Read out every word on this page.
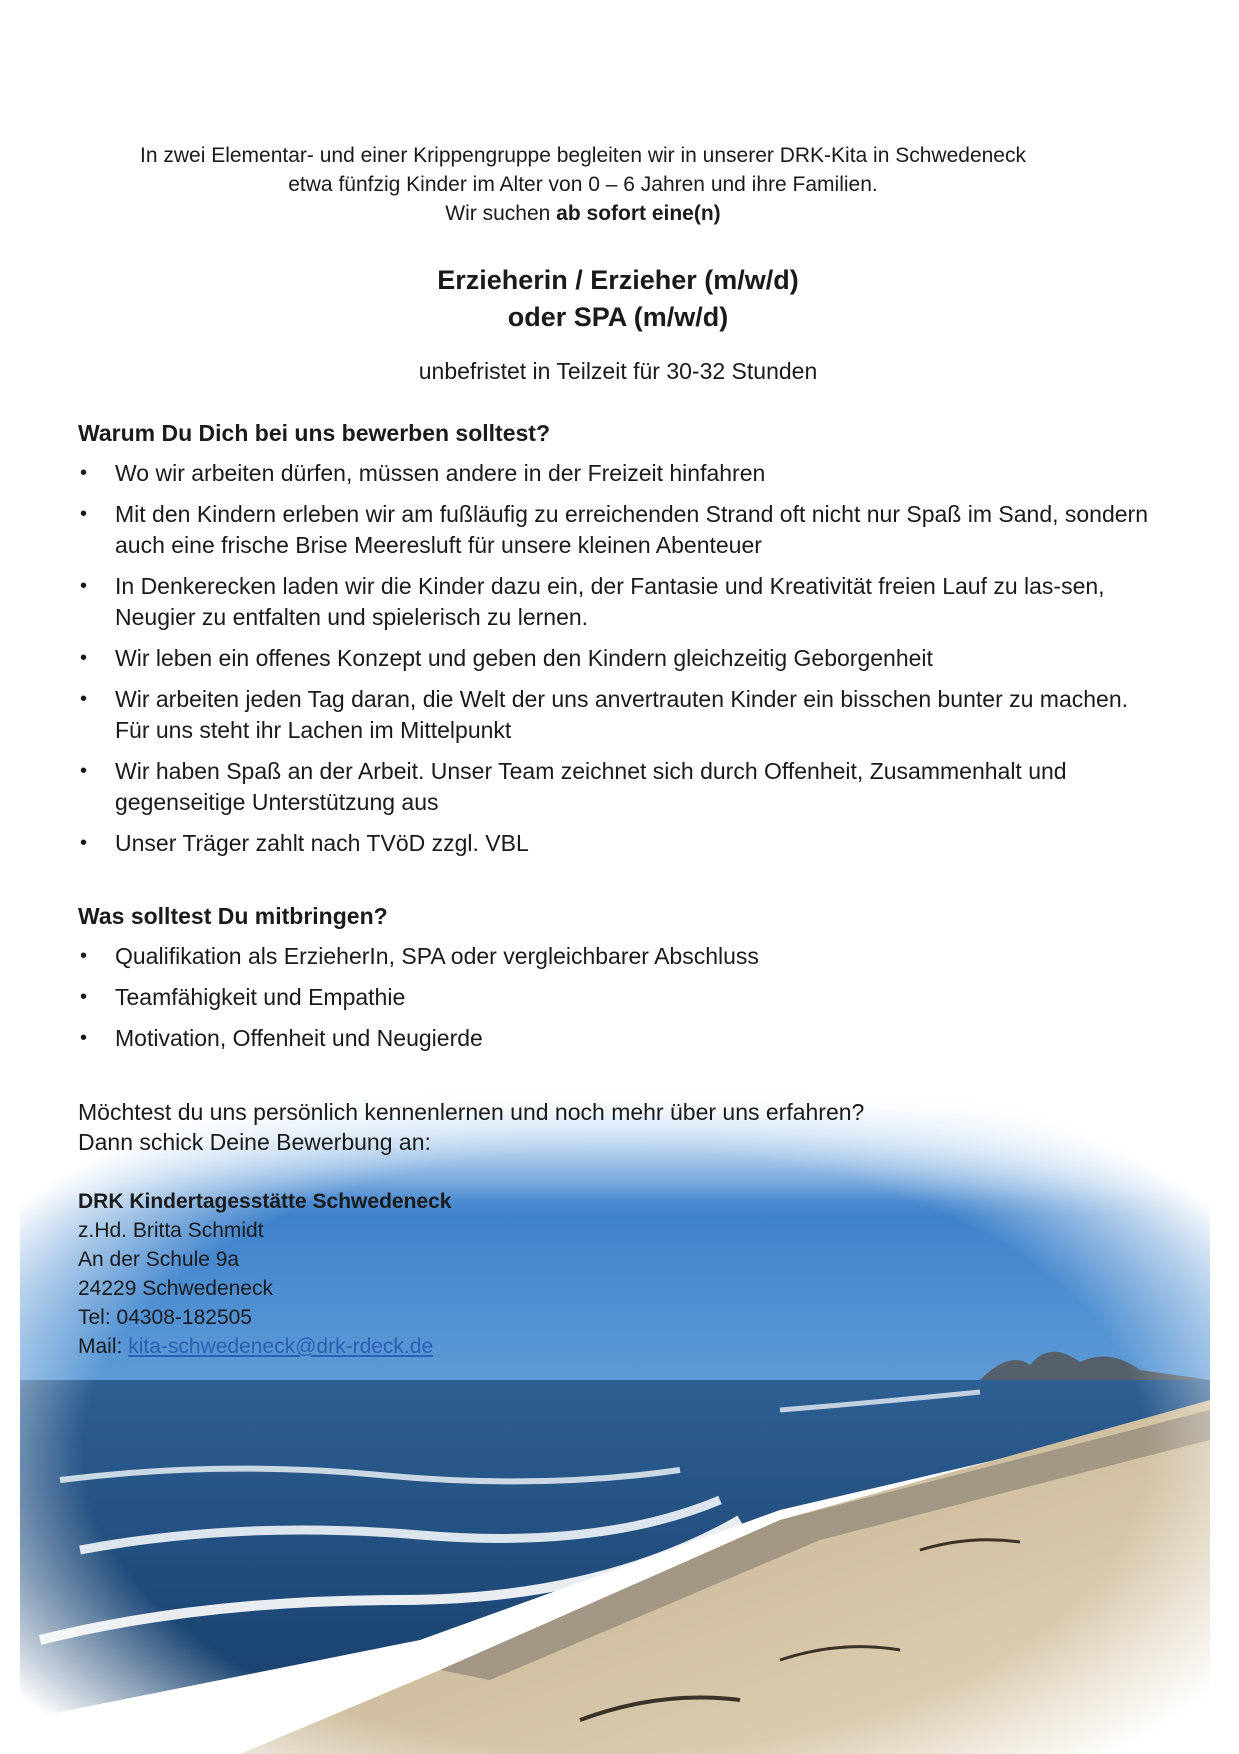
In zwei Elementar- und einer Krippengruppe begleiten wir in unserer DRK-Kita in Schwedeneck

etwa fünfzig Kinder im Alter von 0 – 6 Jahren und ihre Familien.

Wir suchen ab sofort eine(n)

Erzieherin / Erzieher (m/w/d)
oder SPA (m/w/d)
unbefristet in Teilzeit für 30-32 Stunden
Warum Du Dich bei uns bewerben solltest?
• Wo wir arbeiten dürfen, müssen andere in der Freizeit hinfahren
• Mit den Kindern erleben wir am fußläufig zu erreichenden Strand oft nicht nur Spaß im Sand, sondern auch eine frische Brise Meeresluft für unsere kleinen Abenteuer
• In Denkerecken laden wir die Kinder dazu ein, der Fantasie und Kreativität freien Lauf zu las-sen, Neugier zu entfalten und spielerisch zu lernen.
• Wir leben ein offenes Konzept und geben den Kindern gleichzeitig Geborgenheit
• Wir arbeiten jeden Tag daran, die Welt der uns anvertrauten Kinder ein bisschen bunter zu machen. Für uns steht ihr Lachen im Mittelpunkt
• Wir haben Spaß an der Arbeit. Unser Team zeichnet sich durch Offenheit, Zusammenhalt und gegenseitige Unterstützung aus
• Unser Träger zahlt nach TVöD zzgl. VBL
Was solltest Du mitbringen?
• Qualifikation als ErzieherIn, SPA oder vergleichbarer Abschluss
• Teamfähigkeit und Empathie
• Motivation, Offenheit und Neugierde

Möchtest du uns persönlich kennenlernen und noch mehr über uns erfahren?

Dann schick Deine Bewerbung an:

DRK Kindertagesstätte Schwedeneck
z.Hd. Britta Schmidt
An der Schule 9a
24229 Schwedeneck
Tel: 04308-182505
Mail: kita-schwedeneck@drk-rdeck.de
